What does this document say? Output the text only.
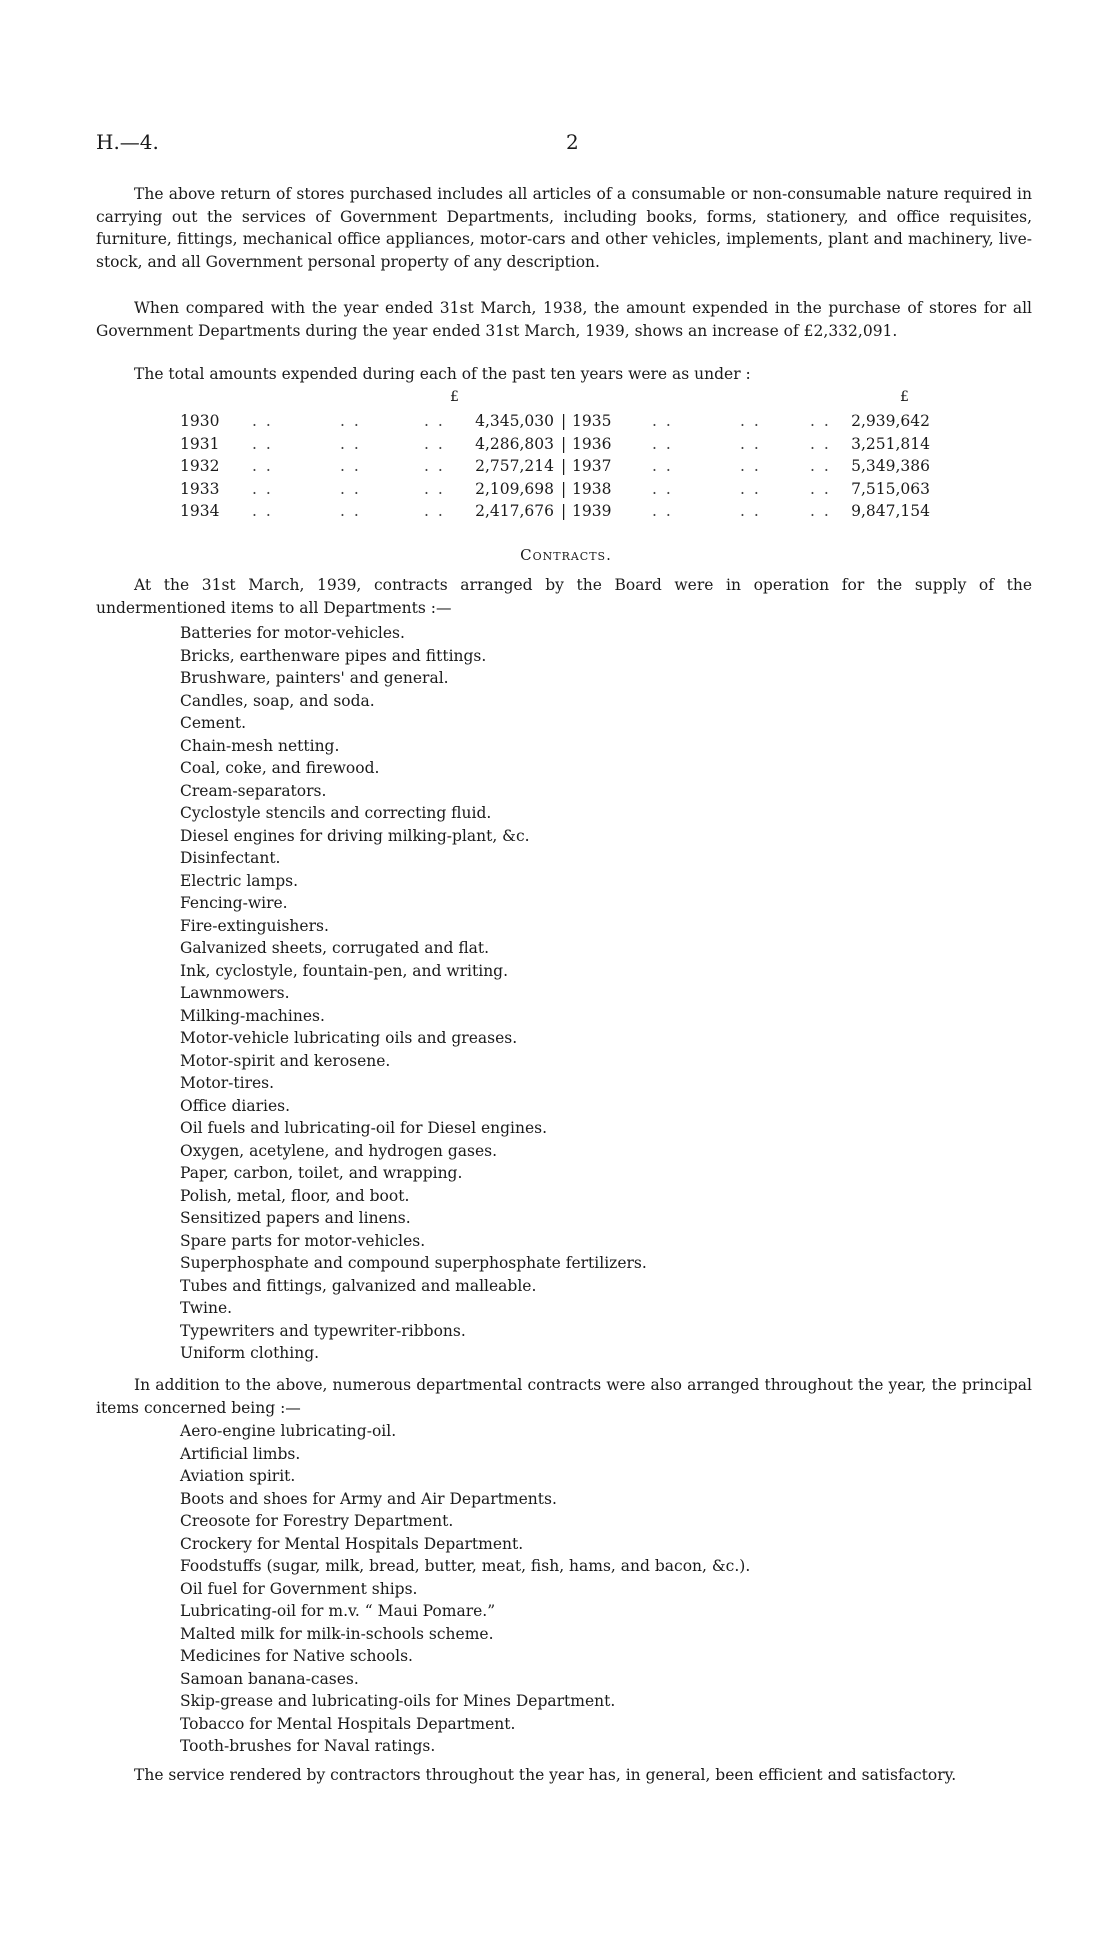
H.—4.	2

The above return of stores purchased includes all articles of a consumable or non-consumable nature required in carrying out the services of Government Departments, including books, forms, stationery, and office requisites, furniture, fittings, mechanical office appliances, motor-cars and other vehicles, implements, plant and machinery, live-stock, and all Government personal property of any description.

When compared with the year ended 31st March, 1938, the amount expended in the purchase of stores for all Government Departments during the year ended 31st March, 1939, shows an increase of £2,332,091.

The total amounts expended during each of the past ten years were as under :

£	£
1930 . .	. .	. .	4,345,030 | 1935	. .	. .	. .	2,939,642
1931 . .	. .	. .	4,286,803 | 1936	. .	. .	. .	3,251,814
1932 . .	. .	. .	2,757,214 | 1937	. .	. .	. .	5,349,386
1933 . .	. .	. .	2,109,698 | 1938	. .	. .	. .	7,515,063
1934 . .	. .	. .	2,417,676 | 1939	. .	. .	. .	9,847,154
Contracts.

At the 31st March, 1939, contracts arranged by the Board were in operation for the supply of the undermentioned items to all Departments :—

Batteries for motor-vehicles.
Bricks, earthenware pipes and fittings.
Brushware, painters' and general.
Candles, soap, and soda.
Cement.
Chain-mesh netting.
Coal, coke, and firewood.
Cream-separators.
Cyclostyle stencils and correcting fluid.
Diesel engines for driving milking-plant, &c.
Disinfectant.
Electric lamps.
Fencing-wire.
Fire-extinguishers.
Galvanized sheets, corrugated and flat.
Ink, cyclostyle, fountain-pen, and writing.
Lawnmowers.
Milking-machines.
Motor-vehicle lubricating oils and greases.
Motor-spirit and kerosene.
Motor-tires.
Office diaries.
Oil fuels and lubricating-oil for Diesel engines.
Oxygen, acetylene, and hydrogen gases.
Paper, carbon, toilet, and wrapping.
Polish, metal, floor, and boot.
Sensitized papers and linens.
Spare parts for motor-vehicles.
Superphosphate and compound superphosphate fertilizers.
Tubes and fittings, galvanized and malleable.
Twine.
Typewriters and typewriter-ribbons.
Uniform clothing.

In addition to the above, numerous departmental contracts were also arranged throughout the year, the principal items concerned being :—

Aero-engine lubricating-oil.
Artificial limbs.
Aviation spirit.
Boots and shoes for Army and Air Departments.
Creosote for Forestry Department.
Crockery for Mental Hospitals Department.
Foodstuffs (sugar, milk, bread, butter, meat, fish, hams, and bacon, &c.).
Oil fuel for Government ships.
Lubricating-oil for m.v. “ Maui Pomare.”
Malted milk for milk-in-schools scheme.
Medicines for Native schools.
Samoan banana-cases.
Skip-grease and lubricating-oils for Mines Department.
Tobacco for Mental Hospitals Department.
Tooth-brushes for Naval ratings.

The service rendered by contractors throughout the year has, in general, been efficient and satisfactory.
